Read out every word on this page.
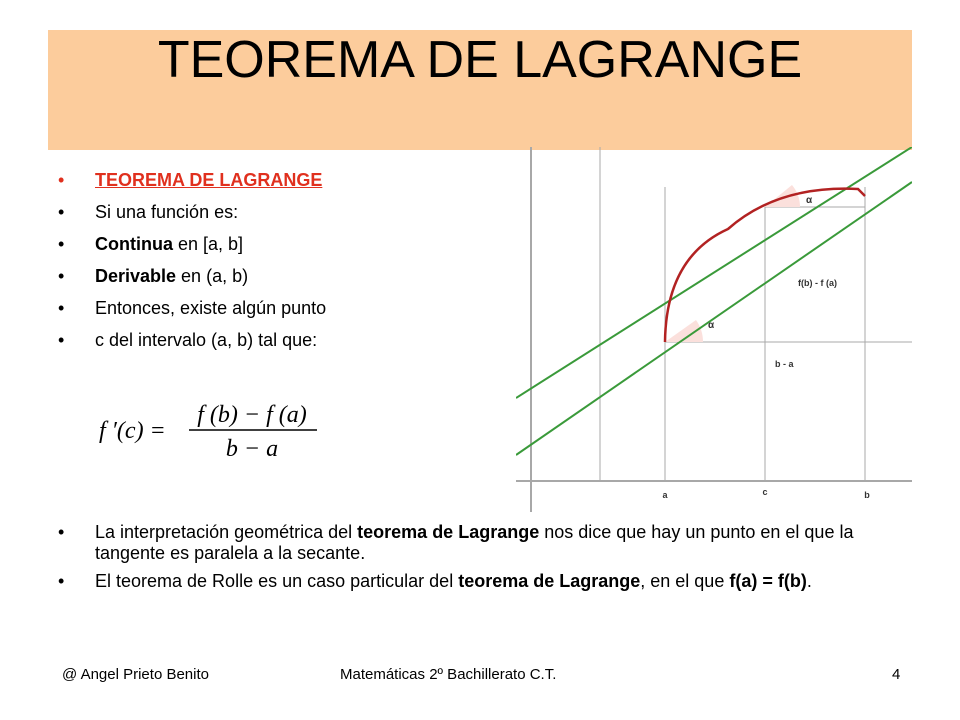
TEOREMA DE LAGRANGE
• TEOREMA DE LAGRANGE
• Si una función es:
• Continua en [a, b]
• Derivable en (a, b)
• Entonces, existe algún punto
• c del intervalo (a, b) tal que:
f ′(c) =
f (b) − f (a)
b − a
α
α
f(b) - f (a)
b - a
a	c	b
• La interpretación geométrica del teorema de Lagrange nos dice que hay un punto en el que la tangente es paralela a la secante.
• El teorema de Rolle es un caso particular del teorema de Lagrange, en el que f(a) = f(b).
@ Angel Prieto Benito	Matemáticas 2º Bachillerato C.T.	4
